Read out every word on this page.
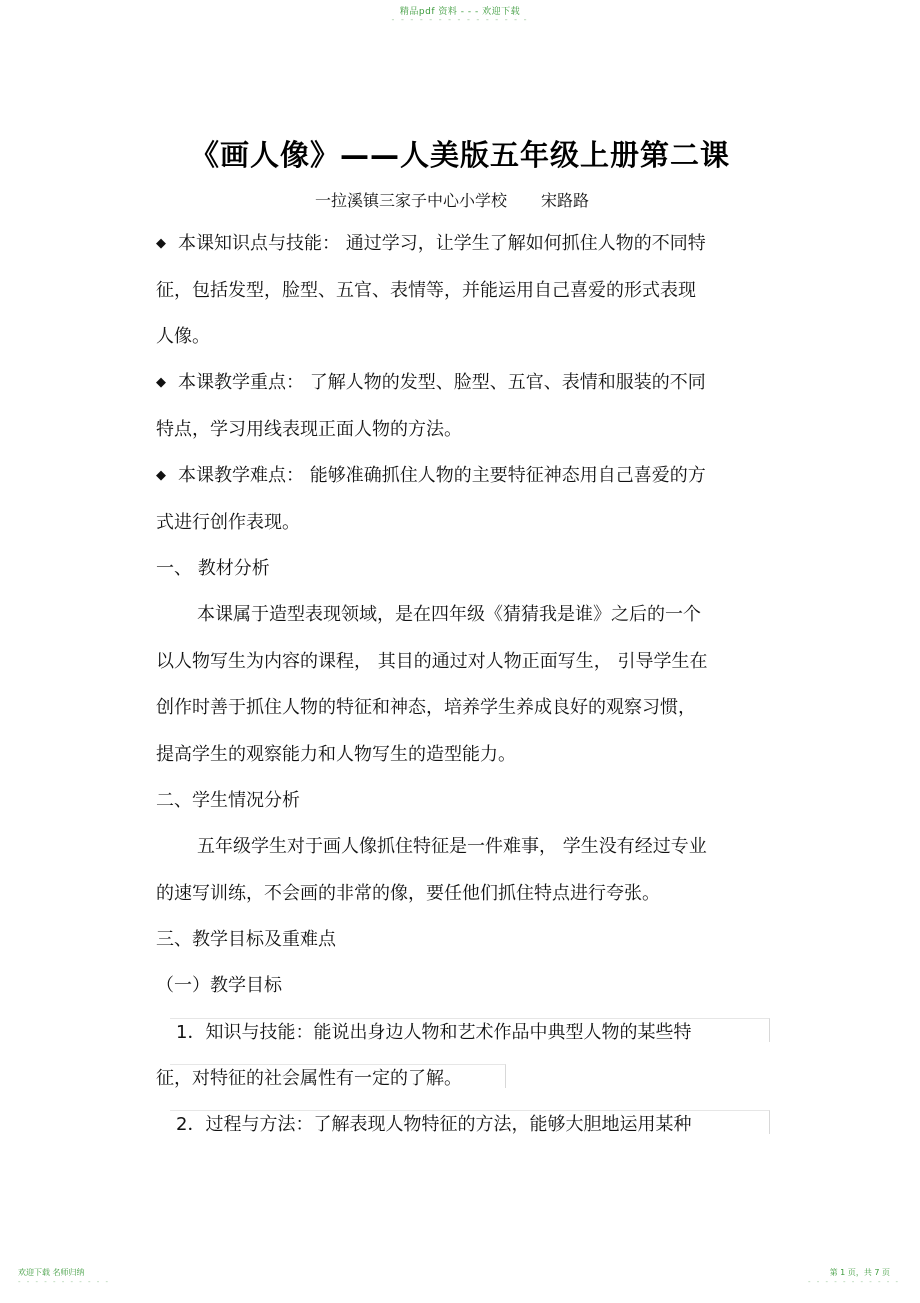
精品pdf 资料 - - - 欢迎下载
- - - - - - - - - - - - - - -
《画人像》——人美版五年级上册第二课
一拉溪镇三家子中心小学校 宋路路
◆ 本课知识点与技能： 通过学习，让学生了解如何抓住人物的不同特
征，包括发型，脸型、五官、表情等，并能运用自己喜爱的形式表现
人像。
◆ 本课教学重点： 了解人物的发型、脸型、五官、表情和服装的不同
特点，学习用线表现正面人物的方法。
◆ 本课教学难点： 能够准确抓住人物的主要特征神态用自己喜爱的方
式进行创作表现。
一、 教材分析
本课属于造型表现领域，是在四年级《猜猜我是谁》之后的一个
以人物写生为内容的课程， 其目的通过对人物正面写生， 引导学生在
创作时善于抓住人物的特征和神态，培养学生养成良好的观察习惯，
提高学生的观察能力和人物写生的造型能力。
二、学生情况分析
五年级学生对于画人像抓住特征是一件难事， 学生没有经过专业
的速写训练，不会画的非常的像，要任他们抓住特点进行夸张。
三、教学目标及重难点
（一）教学目标
1．知识与技能：能说出身边人物和艺术作品中典型人物的某些特
征，对特征的社会属性有一定的了解。
2．过程与方法：了解表现人物特征的方法，能够大胆地运用某种
欢迎下载 名师归纳
- - - - - - - - - - -
第 1 页，共 7 页
- - - - - - - - - - -
